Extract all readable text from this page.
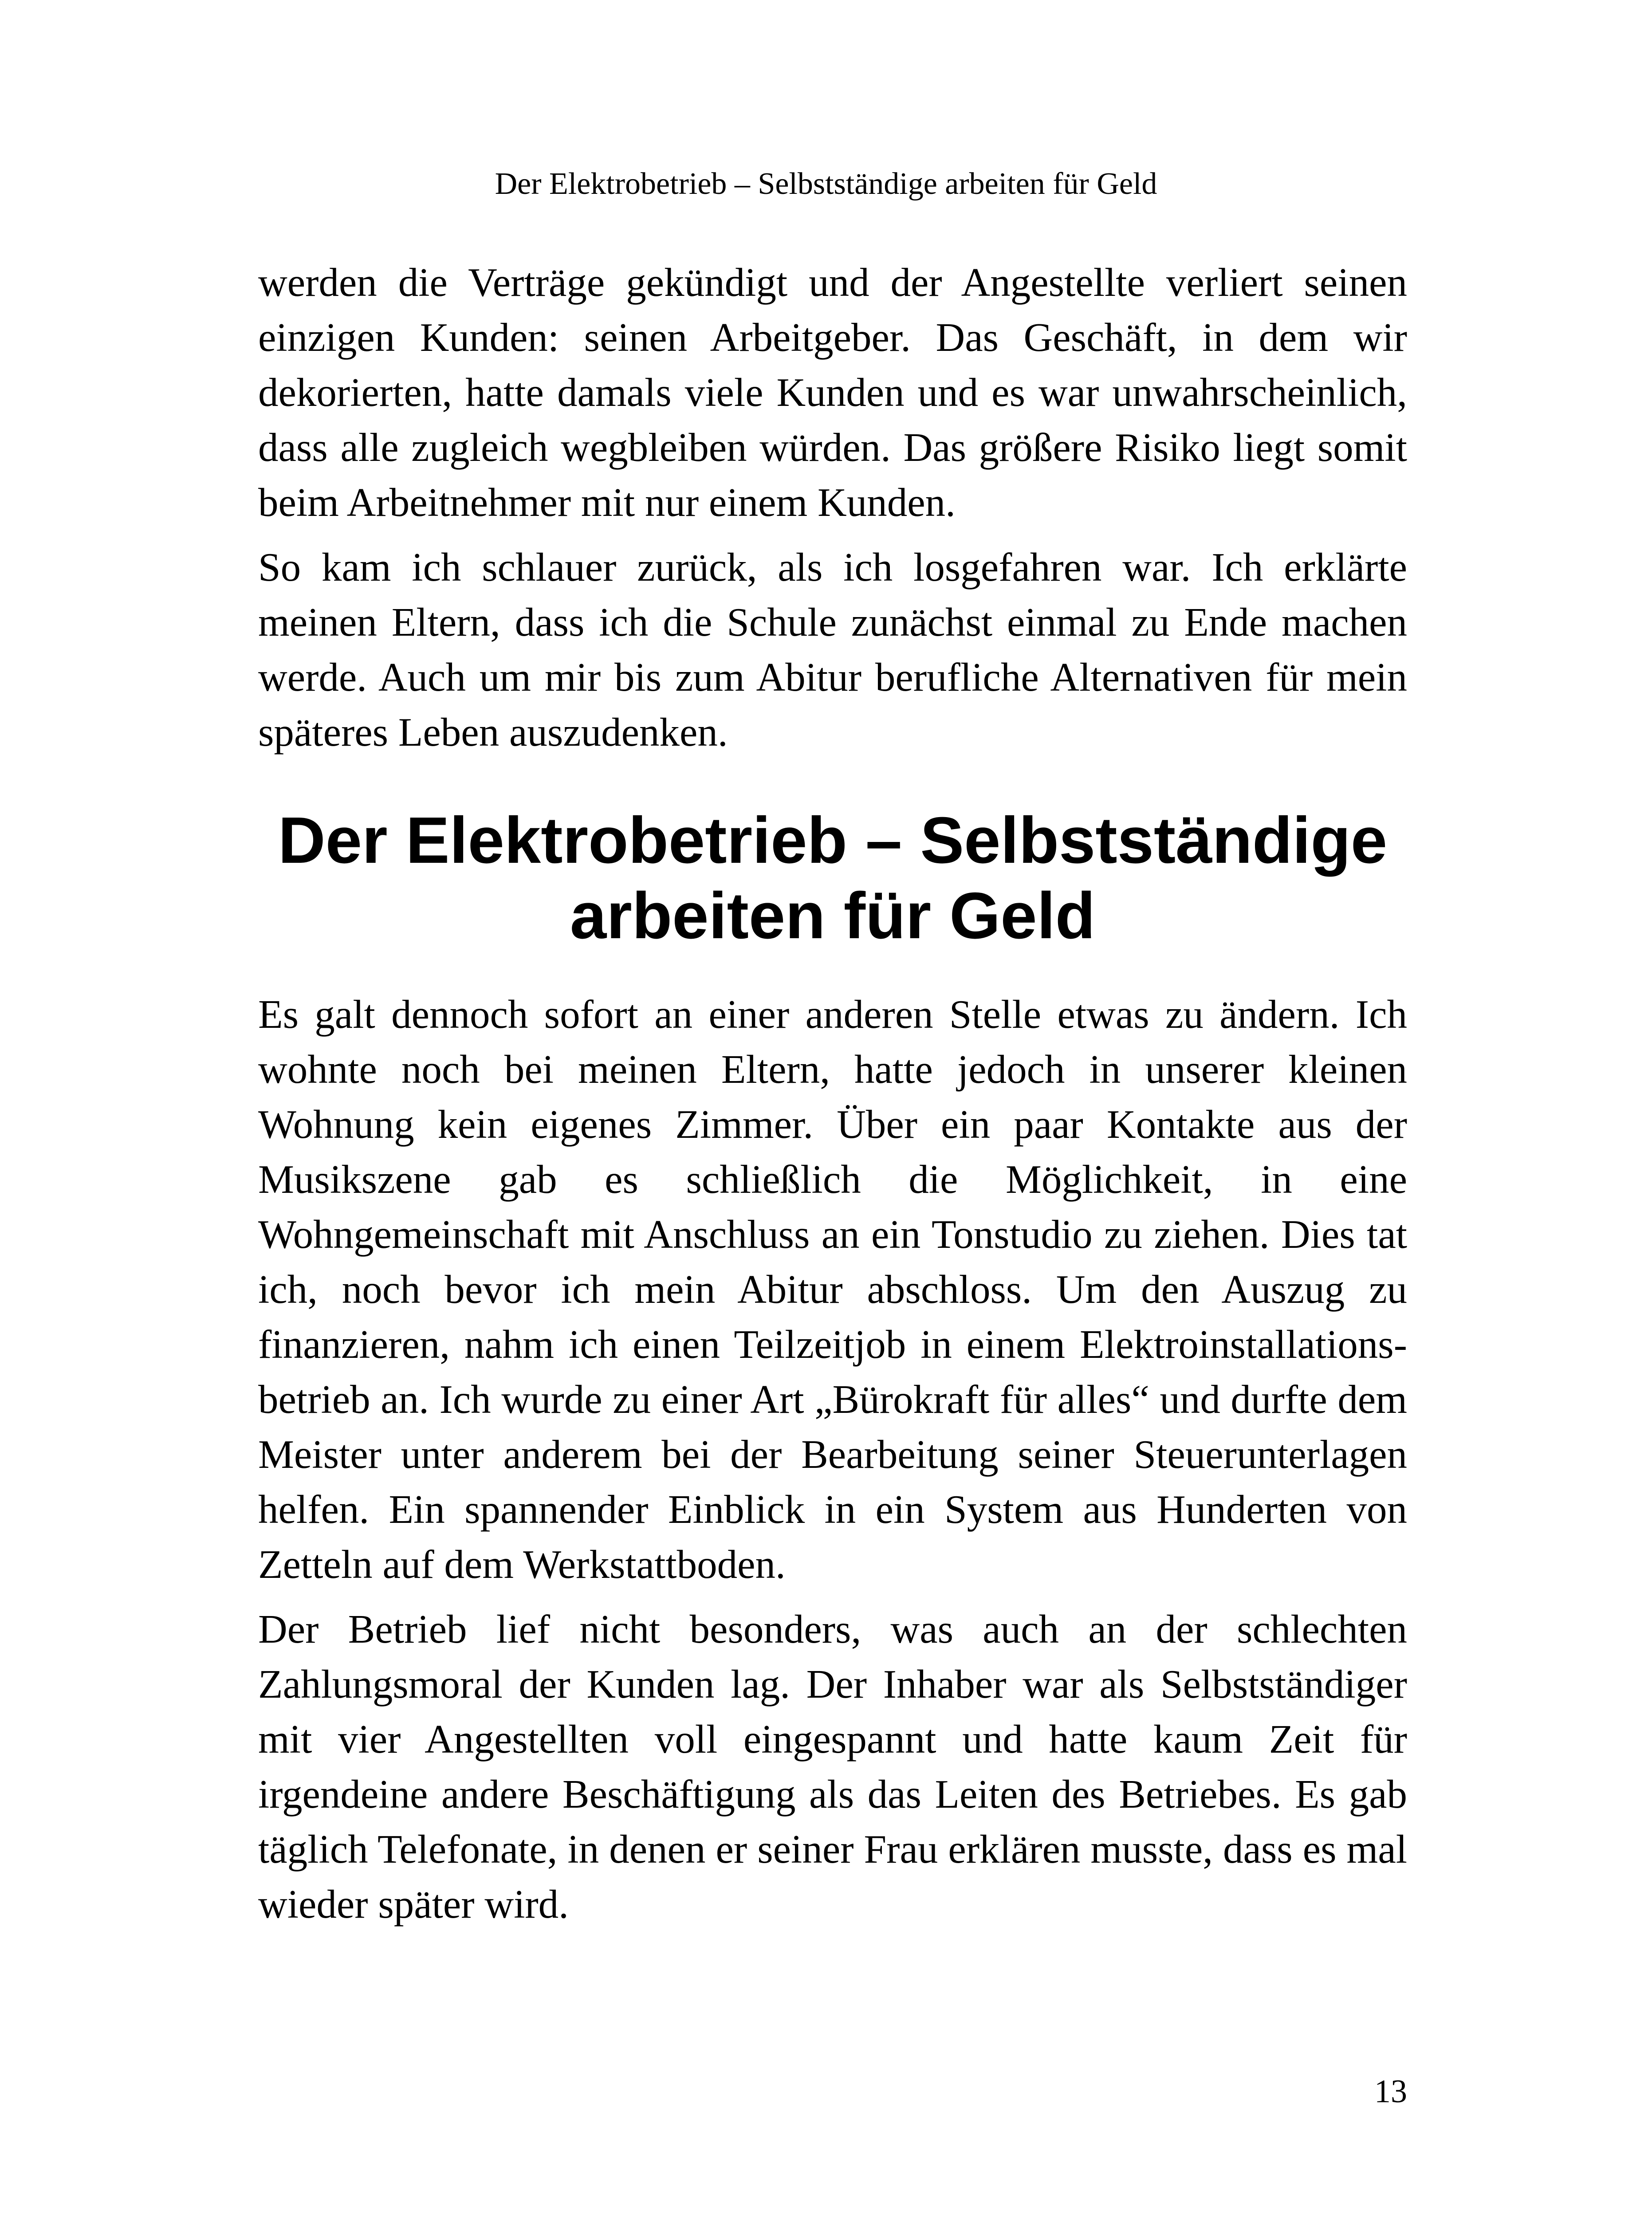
Der Elektrobetrieb – Selbstständige arbeiten für Geld

werden die Verträge gekündigt und der Angestellte verliert seinen einzigen Kunden: seinen Arbeitgeber. Das Geschäft, in dem wir dekorierten, hatte damals viele Kunden und es war unwahrscheinlich, dass alle zugleich wegbleiben würden. Das größere Risiko liegt somit beim Arbeitnehmer mit nur einem Kunden.

So kam ich schlauer zurück, als ich losgefahren war. Ich erklärte meinen Eltern, dass ich die Schule zunächst einmal zu Ende machen werde. Auch um mir bis zum Abitur berufliche Alternativen für mein späteres Leben auszudenken.

Der Elektrobetrieb – Selbstständige arbeiten für Geld

Es galt dennoch sofort an einer anderen Stelle etwas zu ändern. Ich wohnte noch bei meinen Eltern, hatte jedoch in unserer kleinen Wohnung kein eigenes Zimmer. Über ein paar Kontakte aus der Musikszene gab es schließlich die Möglichkeit, in eine Wohngemeinschaft mit Anschluss an ein Tonstudio zu ziehen. Dies tat ich, noch bevor ich mein Abitur abschloss. Um den Auszug zu finanzieren, nahm ich einen Teilzeitjob in einem Elektroinstallationsbetrieb an. Ich wurde zu einer Art „Bürokraft für alles“ und durfte dem Meister unter anderem bei der Bearbeitung seiner Steuerunterlagen helfen. Ein spannender Einblick in ein System aus Hunderten von Zetteln auf dem Werkstattboden.

Der Betrieb lief nicht besonders, was auch an der schlechten Zahlungsmoral der Kunden lag. Der Inhaber war als Selbstständiger mit vier Angestellten voll eingespannt und hatte kaum Zeit für irgendeine andere Beschäftigung als das Leiten des Betriebes. Es gab täglich Telefonate, in denen er seiner Frau erklären musste, dass es mal wieder später wird.

13
